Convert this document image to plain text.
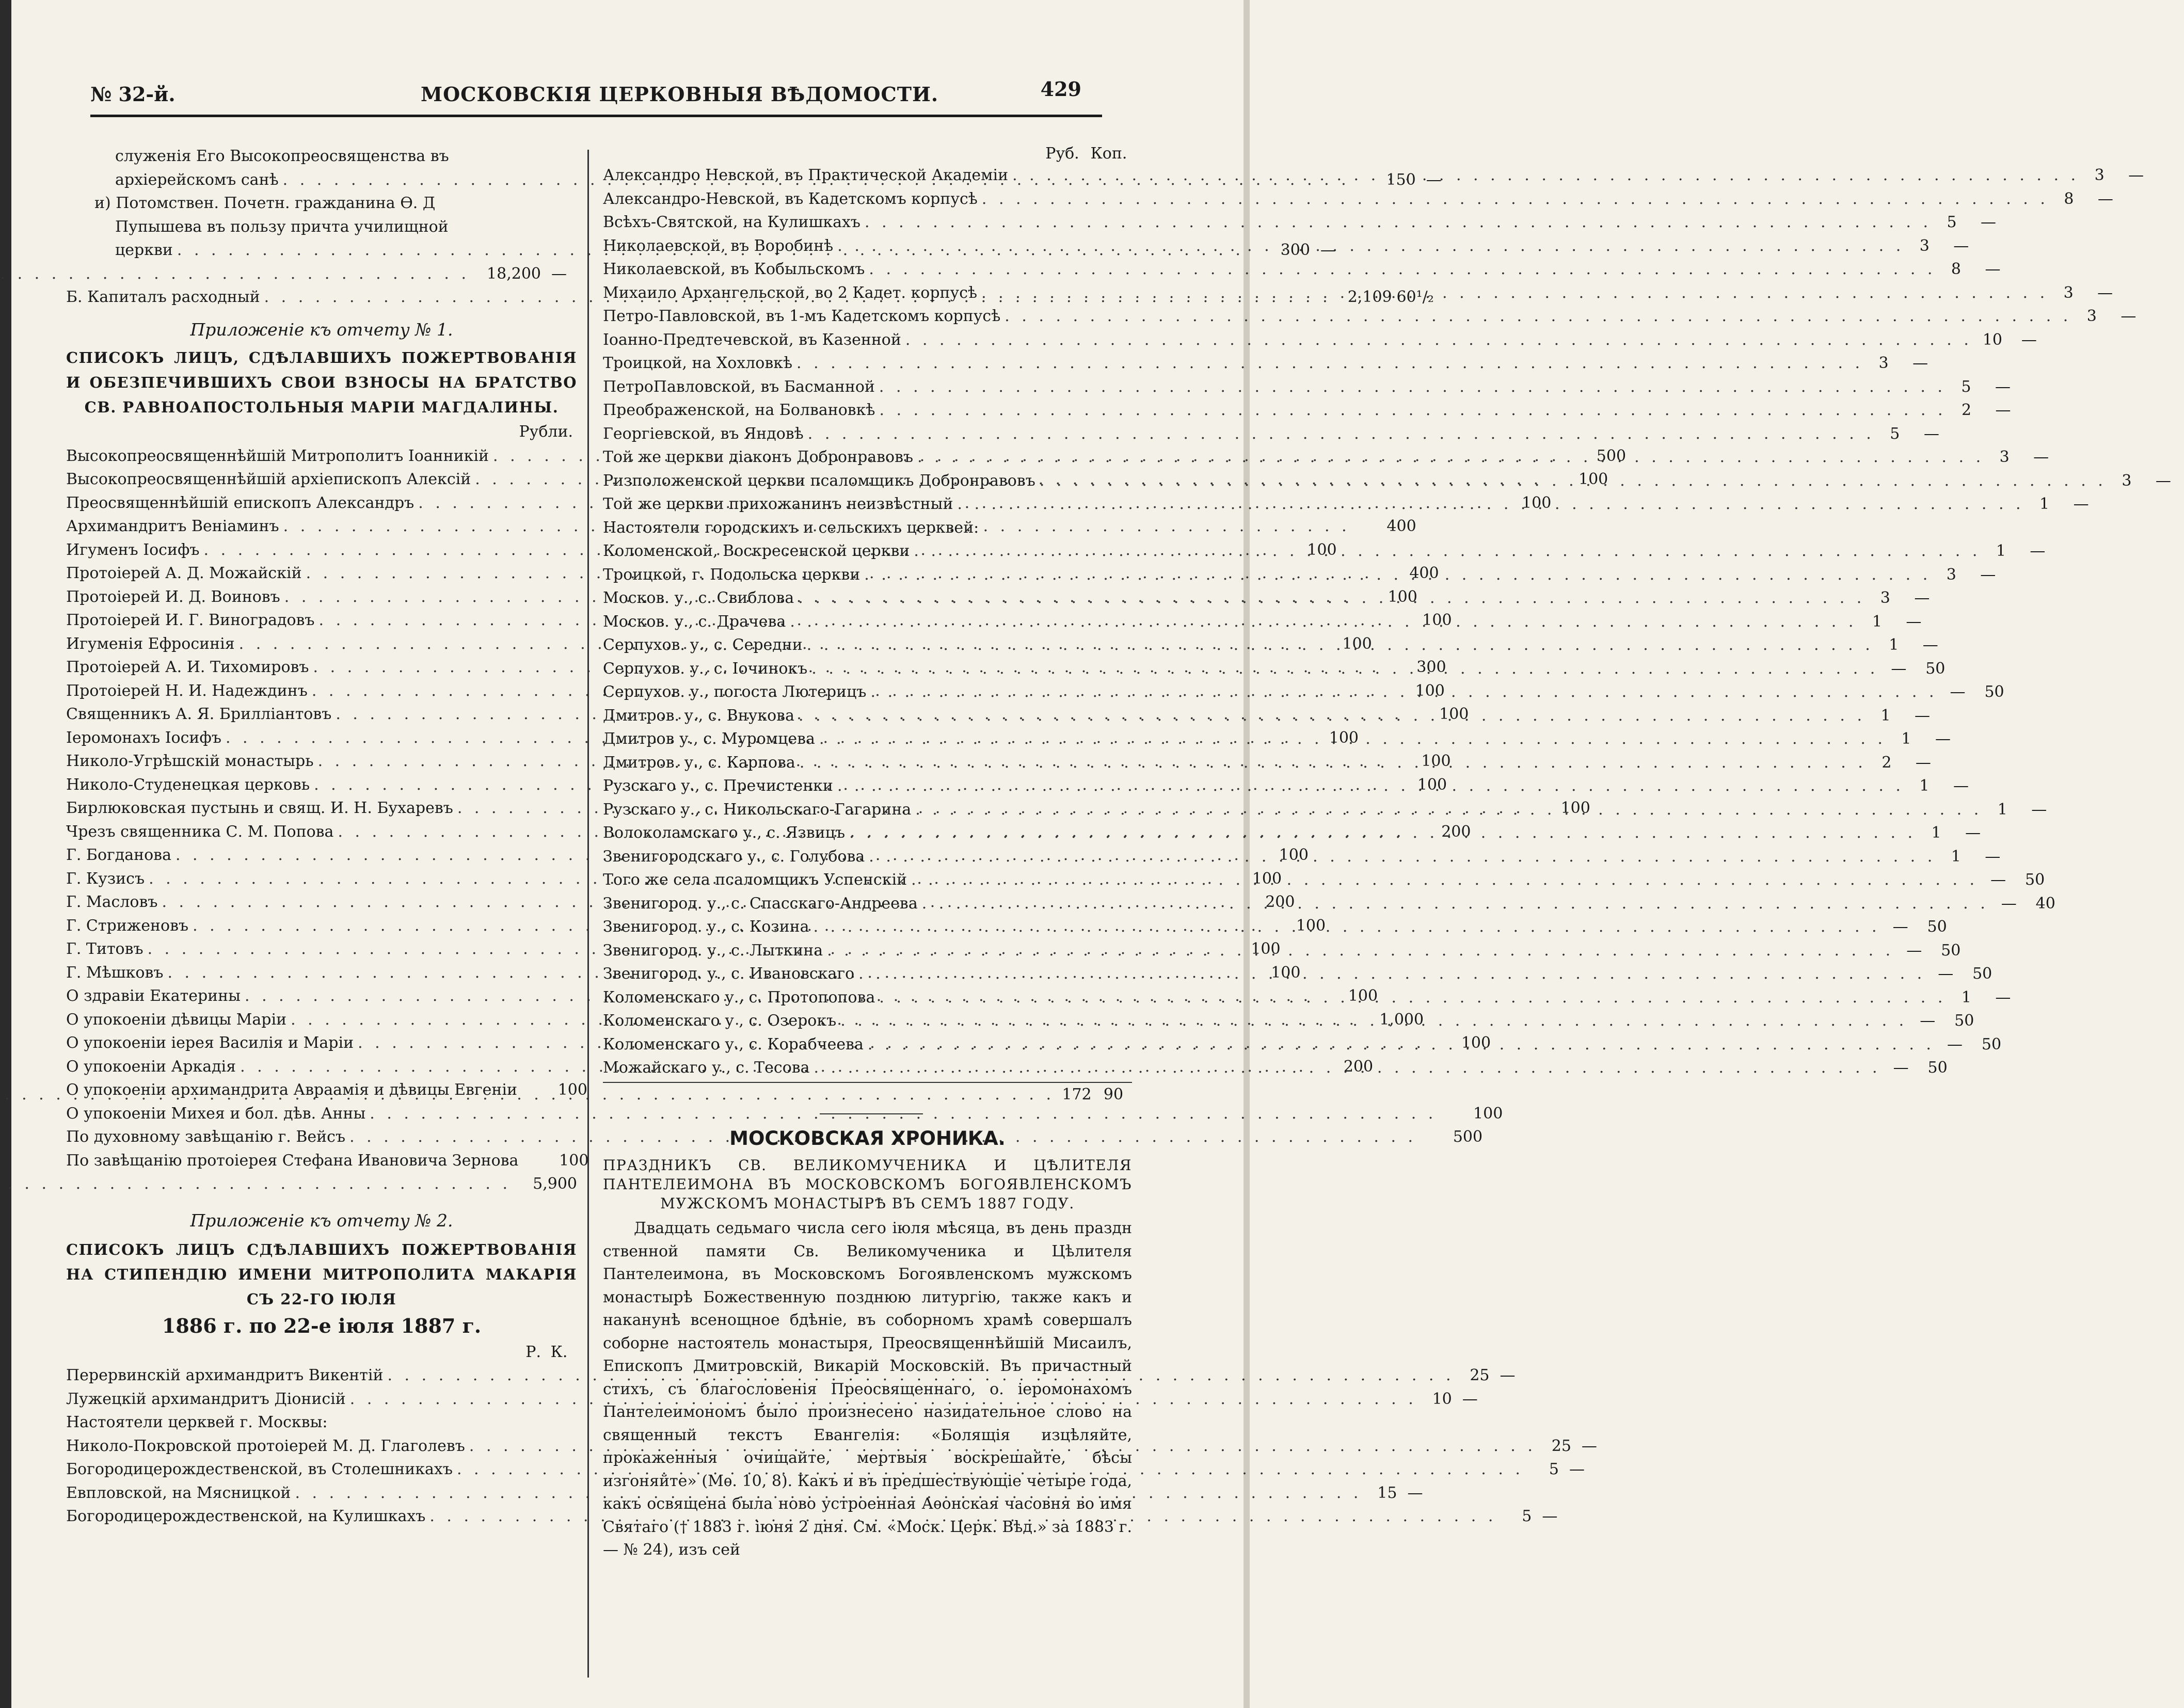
№ 32-й.	МОСКОВСКІЯ ЦЕРКОВНЫЯ ВѢДОМОСТИ.	429
служенія Его Высокопреосвященства въ
архіерейскомъ санѣ . . .	150 —
и) Потомствен. Почетн. гражданина Ѳ. Д
Пупышева въ пользу причта училищной
церкви . . .	300 —
. . .
18,200 —
Б. Капиталъ расходный . . .	2,109 60¹/₂
Приложеніе къ отчету № 1.
СПИСОКЪ ЛИЦЪ, СДѢЛАВШИХЪ ПОЖЕРТВОВАНІЯ И ОБЕЗПЕЧИВШИХЪ СВОИ ВЗНОСЫ НА БРАТСТВО СВ. РАВНОАПОСТОЛЬНЫЯ МАРІИ МАГДАЛИНЫ.
Рубли.
Высокопреосвященнѣйшій Митрополитъ Іоанникій . . .	500
Высокопреосвященнѣйшій архіепископъ Алексій . . .	100
Преосвященнѣйшій епископъ Александръ . . .	100
Архимандритъ Веніаминъ . . .	400
Игуменъ Іосифъ . . .	100
Протоіерей А. Д. Можайскій . . .	400
Протоіерей И. Д. Воиновъ . . .	100
Протоіерей И. Г. Виноградовъ . . .	100
Игуменія Ефросинія . . .	100
Протоіерей А. И. Тихомировъ . . .	300
Протоіерей Н. И. Надеждинъ . . .	100
Священникъ А. Я. Бриллiантовъ . . .	100
Іеромонахъ Іосифъ . . .	100
Николо-Угрѣшскій монастырь . . .	100
Николо-Студенецкая церковь . . .	100
Бирлюковская пустынь и свящ. И. Н. Бухаревъ . . .	100
Чрезъ священника С. М. Попова . . .	200
Г. Богданова . . .	100
Г. Кузисъ . . .	100
Г. Масловъ . . .	200
Г. Стриженовъ . . .	100
Г. Титовъ . . .	100
Г. Мѣшковъ . . .	100
О здравіи Екатерины . . .	100
О упокоеніи дѣвицы Маріи . . .	1,000
О упокоеніи іерея Василія и Маріи . . .	100
О упокоеніи Аркадія . . .	200
О упокоеніи архимандрита Авраамія и дѣвицы Евгеніи	100
О упокоеніи Михея и бол. дѣв. Анны . . .	100
По духовному завѣщанію г. Вейсъ . . .	500
По завѣщанію протоіерея Стефана Ивановича Зернова	100
. . .
5,900
Приложеніе къ отчету № 2.
СПИСОКЪ ЛИЦЪ СДѢЛАВШИХЪ ПОЖЕРТВОВАНІЯ НА СТИПЕНДІЮ ИМЕНИ МИТРОПОЛИТА МАКАРІЯ СЪ 22-ГО ІЮЛЯ
1886 г. по 22-е іюля 1887 г.
Р. К.
Перервинскій архимандритъ Викентій . . .	25 —
Лужецкій архимандритъ Діонисій . . .	10 —
Настоятели церквей г. Москвы:
Николо-Покровской протоіерей М. Д. Глаголевъ . . .	25 —
Богородицерождественской, въ Столешникахъ . . .	5 —
Евпловской, на Мясницкой . . .	15 —
Богородицерождественской, на Кулишкахъ . . .	5 —
Руб. Коп.
Александро Невской, въ Практической Академіи . . .	3	—
Александро-Невской, въ Кадетскомъ корпусѣ . . .	8	—
Всѣхъ-Святской, на Кулишкахъ . . .	5	—
Николаевской, въ Воробинѣ . . .	3	—
Николаевской, въ Кобыльскомъ . . .	8	—
Михаило Архангельской, во 2 Кадет. корпусѣ . . .	3	—
Петро-Павловской, въ 1-мъ Кадетскомъ корпусѣ . . .	3	—
Іоанно-Предтечевской, въ Казенной . . .	10	—
Троицкой, на Хохловкѣ . . .	3	—
ПетроПавловской, въ Басманной . . .	5	—
Преображенской, на Болвановкѣ . . .	2	—
Георгіевской, въ Яндовѣ . . .	5	—
Той же церкви діаконъ Добронравовъ . . .	3	—
Ризположенской церкви псаломщикъ Добронравовъ . . .	3	—
Той же церкви прихожанинъ неизвѣстный . . .	1	—
Настоятели городскихъ и сельскихъ церквей:
Коломенской, Воскресенской церкви . . .	1	—
Троицкой, г. Подольска церкви . . .	3	—
Москов. у., с. Свиблова . . .	3	—
Москов. у., с. Драчева . . .	1	—
Серпухов. у., с. Середни . . .	1	—
Серпухов. у., с. Іочинокъ . . .	—	50
Серпухов. у., погоста Лютерицъ . . .	—	50
Дмитров. у., с. Внукова . . .	1	—
Дмитров у., с. Муромцева . . .	1	—
Дмитров. у., с. Карпова . . .	2	—
Рузскаго у., с. Пречистенки . . .	1	—
Рузскаго у., с. Никольскаго-Гагарина . . .	1	—
Волоколамскаго у., с. Язвицъ . . .	1	—
Звенигородскаго у., с. Голубова . . .	1	—
Того же села псаломщикъ Успенскій . . .	—	50
Звенигород. у., с. Спасскаго-Андреева . . .	—	40
Звенигород. у., с. Козина . . .	—	50
Звенигород. у., с. Лыткина . . .	—	50
Звенигород. у., с. Ивановскаго . . .	—	50
Коломенскаго у., с. Протопопова . . .	1	—
Коломенскаго у , с. Озерокъ . . .	—	50
Коломенскаго у., с. Корабчеева . . .	—	50
Можайскаго у., с. Тесова . . .	—	50
. . .
172 90
МОСКОВСКАЯ ХРОНИКА.
ПРАЗДНИКЪ СВ. ВЕЛИКОМУЧЕНИКА И ЦѢЛИТЕЛЯ ПАНТЕЛЕИМОНА ВЪ МОСКОВСКОМЪ БОГОЯВЛЕНСКОМЪ МУЖСКОМЪ МОНАСТЫРѢ ВЪ СЕМЪ 1887 ГОДУ.
Двадцать седьмаго числа сего іюля мѣсяца, въ день праздн ственной памяти Св. Великомученика и Цѣлителя Пантелеимона, въ Московскомъ Богоявленскомъ мужскомъ монастырѣ Божественную позднюю литургію, также какъ и наканунѣ всенощное бдѣніе, въ соборномъ храмѣ совершалъ соборне настоятель монастыря, Преосвященнѣйшій Мисаилъ, Епископъ Дмитровскій, Викарій Московскій. Въ причастный стихъ, съ благословенія Преосвященнаго, о. іеромонахомъ Пантелеимономъ было произнесено назидательное слово на священный текстъ Евангелія: «Болящія изцѣляйте, прокаженныя очищайте, мертвыя воскрешайте, бѣсы изгоняйте» (Мѳ. 10, 8). Какъ и въ предшествующіе четыре года, какъ освящена была ново устроенная Аѳонская часовня во имя Святаго († 1883 г. іюня 2 дня. См. «Моск. Церк. Вѣд.» за 1883 г.— № 24), изъ сей
